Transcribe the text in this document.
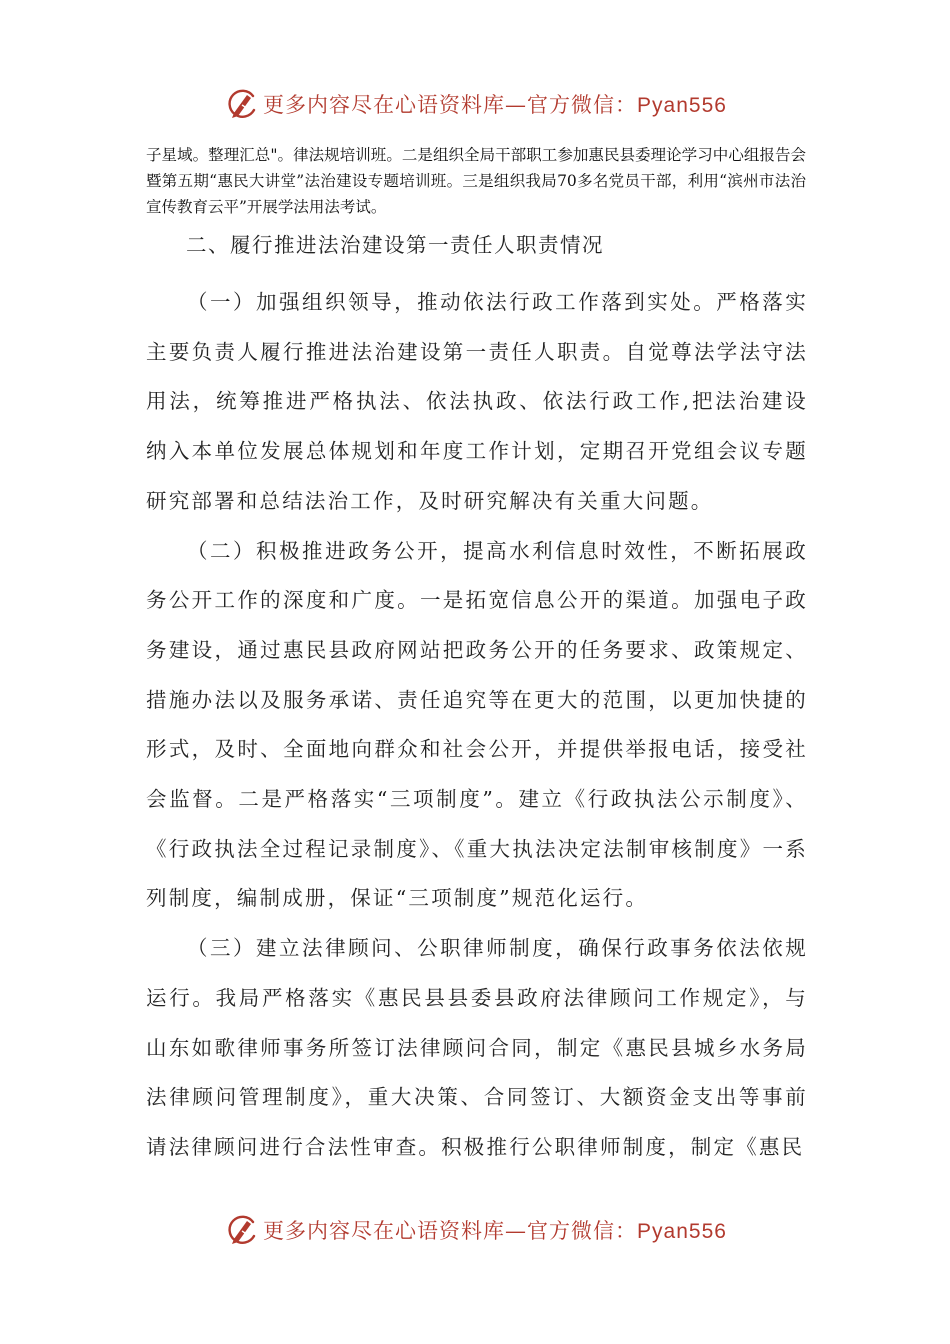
更多内容尽在心语资料库—官方微信：Pyan556

子星域。整理汇总"。律法规培训班。二是组织全局干部职工参加惠民县委理论学习中心组报告会暨第五期“惠民大讲堂”法治建设专题培训班。三是组织我局70多名党员干部，利用“滨州市法治宣传教育云平”开展学法用法考试。

二、履行推进法治建设第一责任人职责情况

（一）加强组织领导，推动依法行政工作落到实处。严格落实主要负责人履行推进法治建设第一责任人职责。自觉尊法学法守法用法，统筹推进严格执法、依法执政、依法行政工作,把法治建设纳入本单位发展总体规划和年度工作计划，定期召开党组会议专题研究部署和总结法治工作，及时研究解决有关重大问题。

（二）积极推进政务公开，提高水利信息时效性，不断拓展政务公开工作的深度和广度。一是拓宽信息公开的渠道。加强电子政务建设，通过惠民县政府网站把政务公开的任务要求、政策规定、措施办法以及服务承诺、责任追究等在更大的范围，以更加快捷的形式，及时、全面地向群众和社会公开，并提供举报电话，接受社会监督。二是严格落实“三项制度”。建立《行政执法公示制度》、《行政执法全过程记录制度》、《重大执法决定法制审核制度》一系列制度，编制成册，保证“三项制度”规范化运行。

（三）建立法律顾问、公职律师制度，确保行政事务依法依规运行。我局严格落实《惠民县县委县政府法律顾问工作规定》，与山东如歌律师事务所签订法律顾问合同，制定《惠民县城乡水务局法律顾问管理制度》，重大决策、合同签订、大额资金支出等事前请法律顾问进行合法性审查。积极推行公职律师制度，制定《惠民

更多内容尽在心语资料库—官方微信：Pyan556
